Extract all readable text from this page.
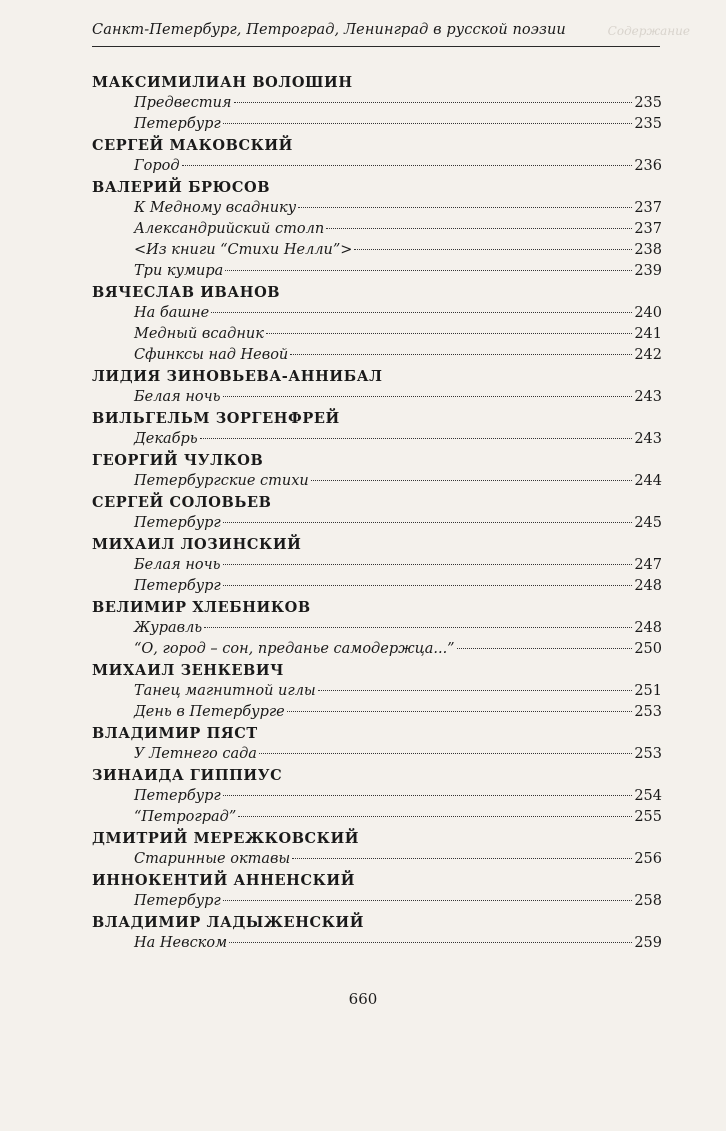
Санкт-Петербург, Петроград, Ленинград в русской поэзии	Содержание
МАКСИМИЛИАН ВОЛОШИН
Предвестия	235
Петербург	235
СЕРГЕЙ МАКОВСКИЙ
Город	236
ВАЛЕРИЙ БРЮСОВ
К Медному всаднику	237
Александрийский столп	237
<Из книги “Стихи Нелли”>	238
Три кумира	239
ВЯЧЕСЛАВ ИВАНОВ
На башне	240
Медный всадник	241
Сфинксы над Невой	242
ЛИДИЯ ЗИНОВЬЕВА-АННИБАЛ
Белая ночь	243
ВИЛЬГЕЛЬМ ЗОРГЕНФРЕЙ
Декабрь	243
ГЕОРГИЙ ЧУЛКОВ
Петербургские стихи	244
СЕРГЕЙ СОЛОВЬЕВ
Петербург	245
МИХАИЛ ЛОЗИНСКИЙ
Белая ночь	247
Петербург	248
ВЕЛИМИР ХЛЕБНИКОВ
Журавль	248
“О, город – сон, преданье самодержца...”	250
МИХАИЛ ЗЕНКЕВИЧ
Танец магнитной иглы	251
День в Петербурге	253
ВЛАДИМИР ПЯСТ
У Летнего сада	253
ЗИНАИДА ГИППИУС
Петербург	254
“Петроград”	255
ДМИТРИЙ МЕРЕЖКОВСКИЙ
Старинные октавы	256
ИННОКЕНТИЙ АННЕНСКИЙ
Петербург	258
ВЛАДИМИР ЛАДЫЖЕНСКИЙ
На Невском	259
660
